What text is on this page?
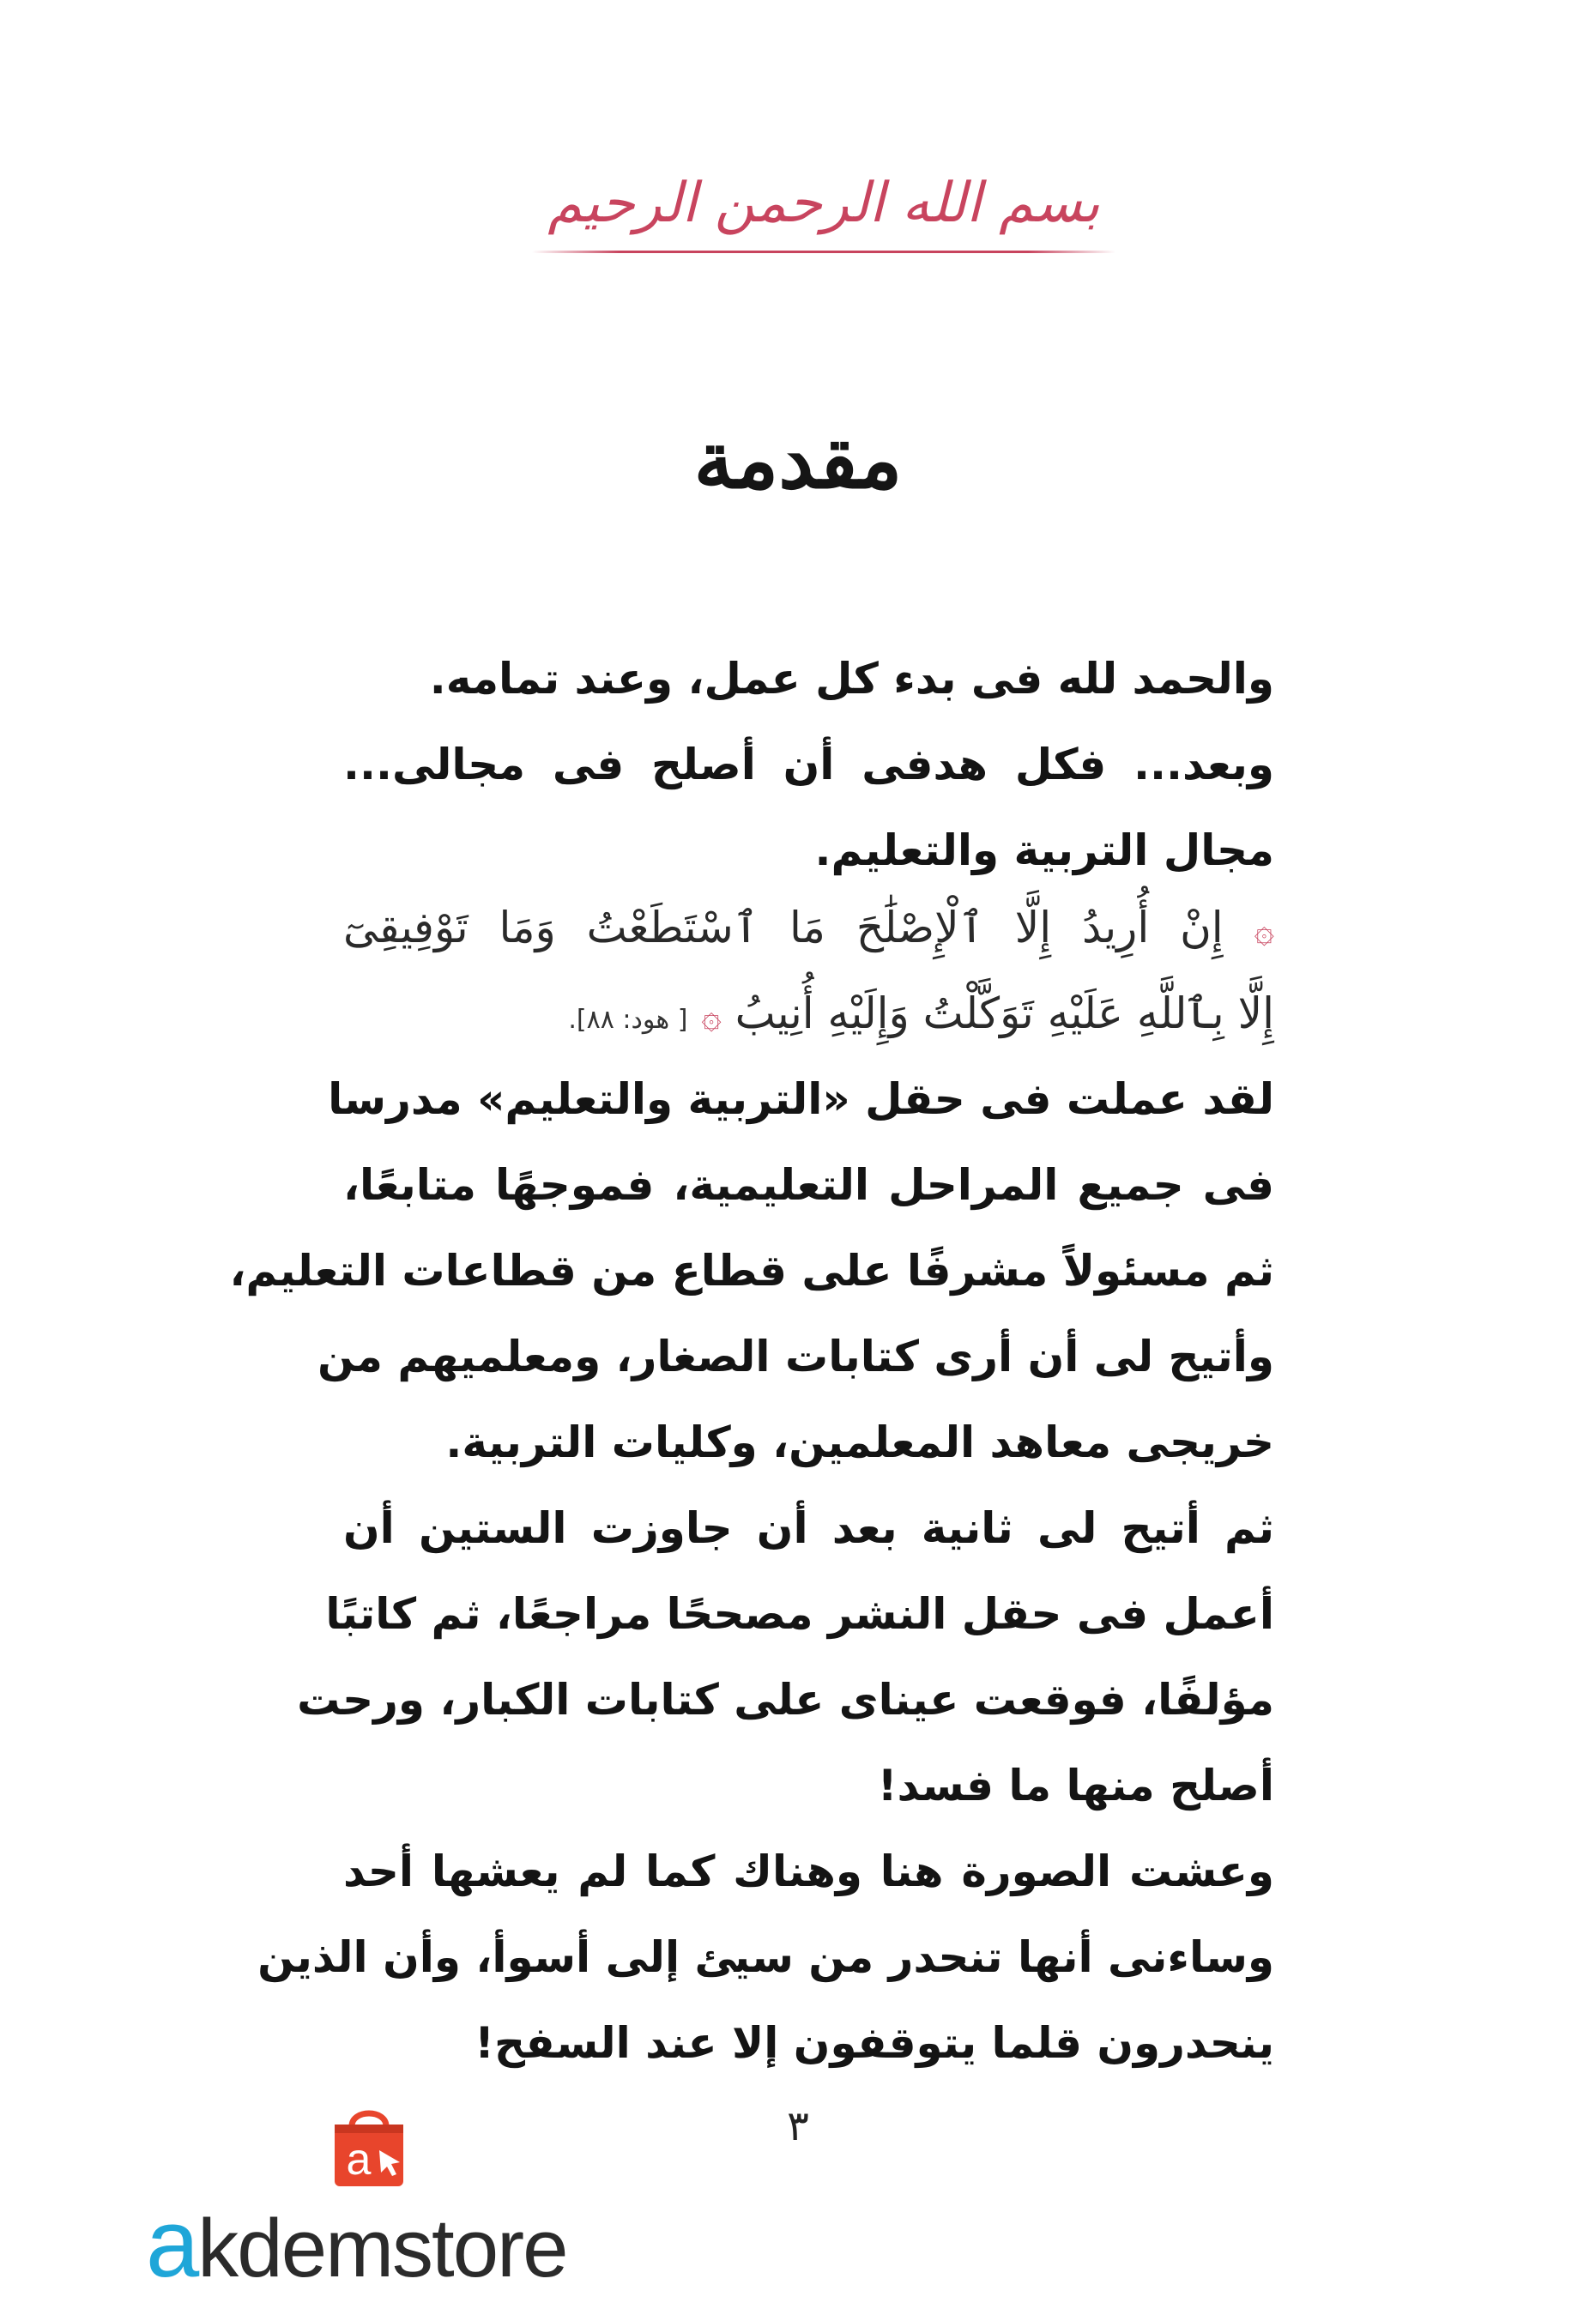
بسم الله الرحمن الرحيم
مقدمة
والحمد لله فى بدء كل عمل، وعند تمامه.
وبعد... فكل هدفى أن أصلح فى مجالى...
مجال التربية والتعليم.
۞ إِنْ أُرِيدُ إِلَّا ٱلْإِصْلَٰحَ مَا ٱسْتَطَعْتُ وَمَا تَوْفِيقِىٓ
إِلَّا بِٱللَّهِ عَلَيْهِ تَوَكَّلْتُ وَإِلَيْهِ أُنِيبُ ۞ [ هود: ٨٨].
لقد عملت فى حقل «التربية والتعليم» مدرسا
فى جميع المراحل التعليمية، فموجهًا متابعًا،
ثم مسئولاً مشرفًا على قطاع من قطاعات التعليم،
وأتيح لى أن أرى كتابات الصغار، ومعلميهم من
خريجى معاهد المعلمين، وكليات التربية.
ثم أتيح لى ثانية بعد أن جاوزت الستين أن
أعمل فى حقل النشر مصححًا مراجعًا، ثم كاتبًا
مؤلفًا، فوقعت عيناى على كتابات الكبار، ورحت
أصلح منها ما فسد!
وعشت الصورة هنا وهناك كما لم يعشها أحد
وساءنى أنها تنحدر من سيئ إلى أسوأ، وأن الذين
ينحدرون قلما يتوقفون إلا عند السفح!
٣
a
akdemstore
